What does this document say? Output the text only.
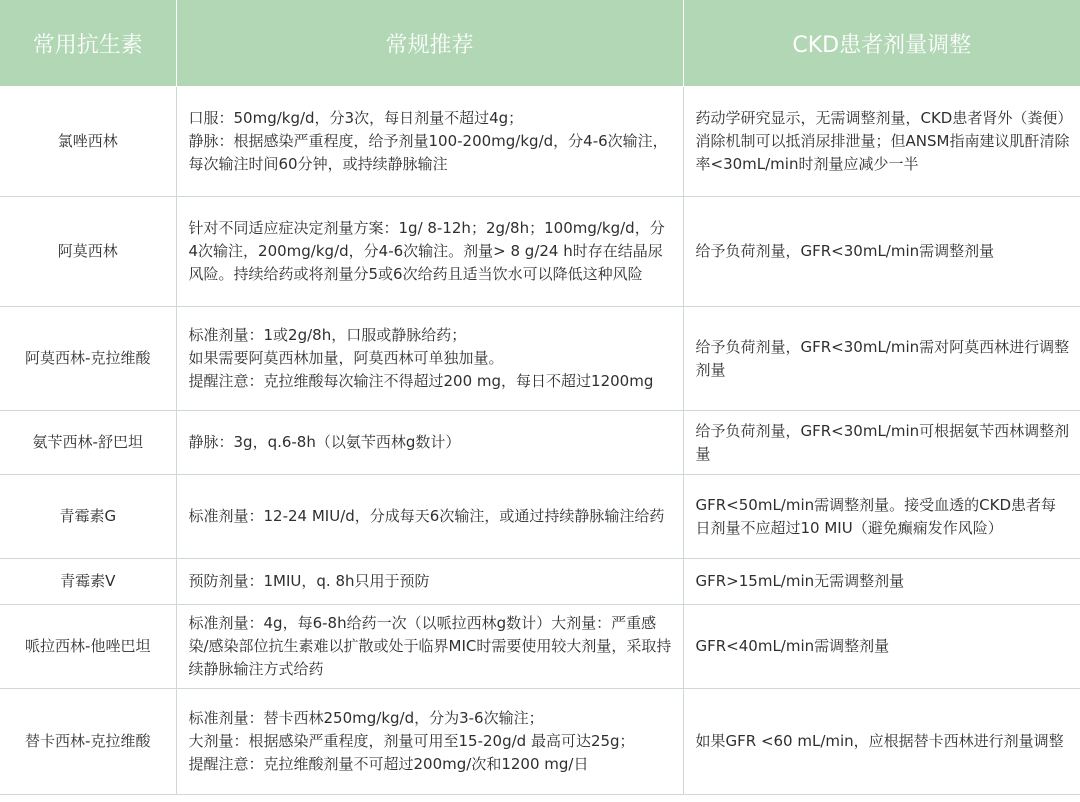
常用抗生素	常规推荐	CKD患者剂量调整
氯唑西林	口服：50mg/kg/d，分3次，每日剂量不超过4g；
静脉：根据感染严重程度，给予剂量100-200mg/kg/d，分4-6次输注，每次输注时间60分钟，或持续静脉输注	药动学研究显示，无需调整剂量，CKD患者肾外（粪便）消除机制可以抵消尿排泄量；但ANSM指南建议肌酐清除率<30mL/min时剂量应减少一半

阿莫西林	针对不同适应症决定剂量方案：1g/ 8-12h；2g/8h；100mg/kg/d，分4次输注，200mg/kg/d，分4-6次输注。剂量> 8 g/24 h时存在结晶尿风险。持续给药或将剂量分5或6次给药且适当饮水可以降低这种风险	给予负荷剂量，GFR<30mL/min需调整剂量

阿莫西林-克拉维酸	标准剂量：1或2g/8h，口服或静脉给药；
如果需要阿莫西林加量，阿莫西林可单独加量。
提醒注意：克拉维酸每次输注不得超过200 mg，每日不超过1200mg	给予负荷剂量，GFR<30mL/min需对阿莫西林进行调整剂量

氨苄西林-舒巴坦	静脉：3g，q.6-8h（以氨苄西林g数计）	给予负荷剂量，GFR<30mL/min可根据氨苄西林调整剂量

青霉素G	标准剂量：12-24 MIU/d，分成每天6次输注，或通过持续静脉输注给药	GFR<50mL/min需调整剂量。接受血透的CKD患者每日剂量不应超过10 MIU（避免癫痫发作风险）

青霉素V	预防剂量：1MIU，q. 8h只用于预防	GFR>15mL/min无需调整剂量

哌拉西林-他唑巴坦	标准剂量：4g，每6-8h给药一次（以哌拉西林g数计）大剂量：严重感染/感染部位抗生素难以扩散或处于临界MIC时需要使用较大剂量，采取持续静脉输注方式给药	GFR<40mL/min需调整剂量

替卡西林-克拉维酸	标准剂量：替卡西林250mg/kg/d，分为3-6次输注；
大剂量：根据感染严重程度，剂量可用至15-20g/d 最高可达25g；
提醒注意：克拉维酸剂量不可超过200mg/次和1200 mg/日	如果GFR <60 mL/min，应根据替卡西林进行剂量调整
